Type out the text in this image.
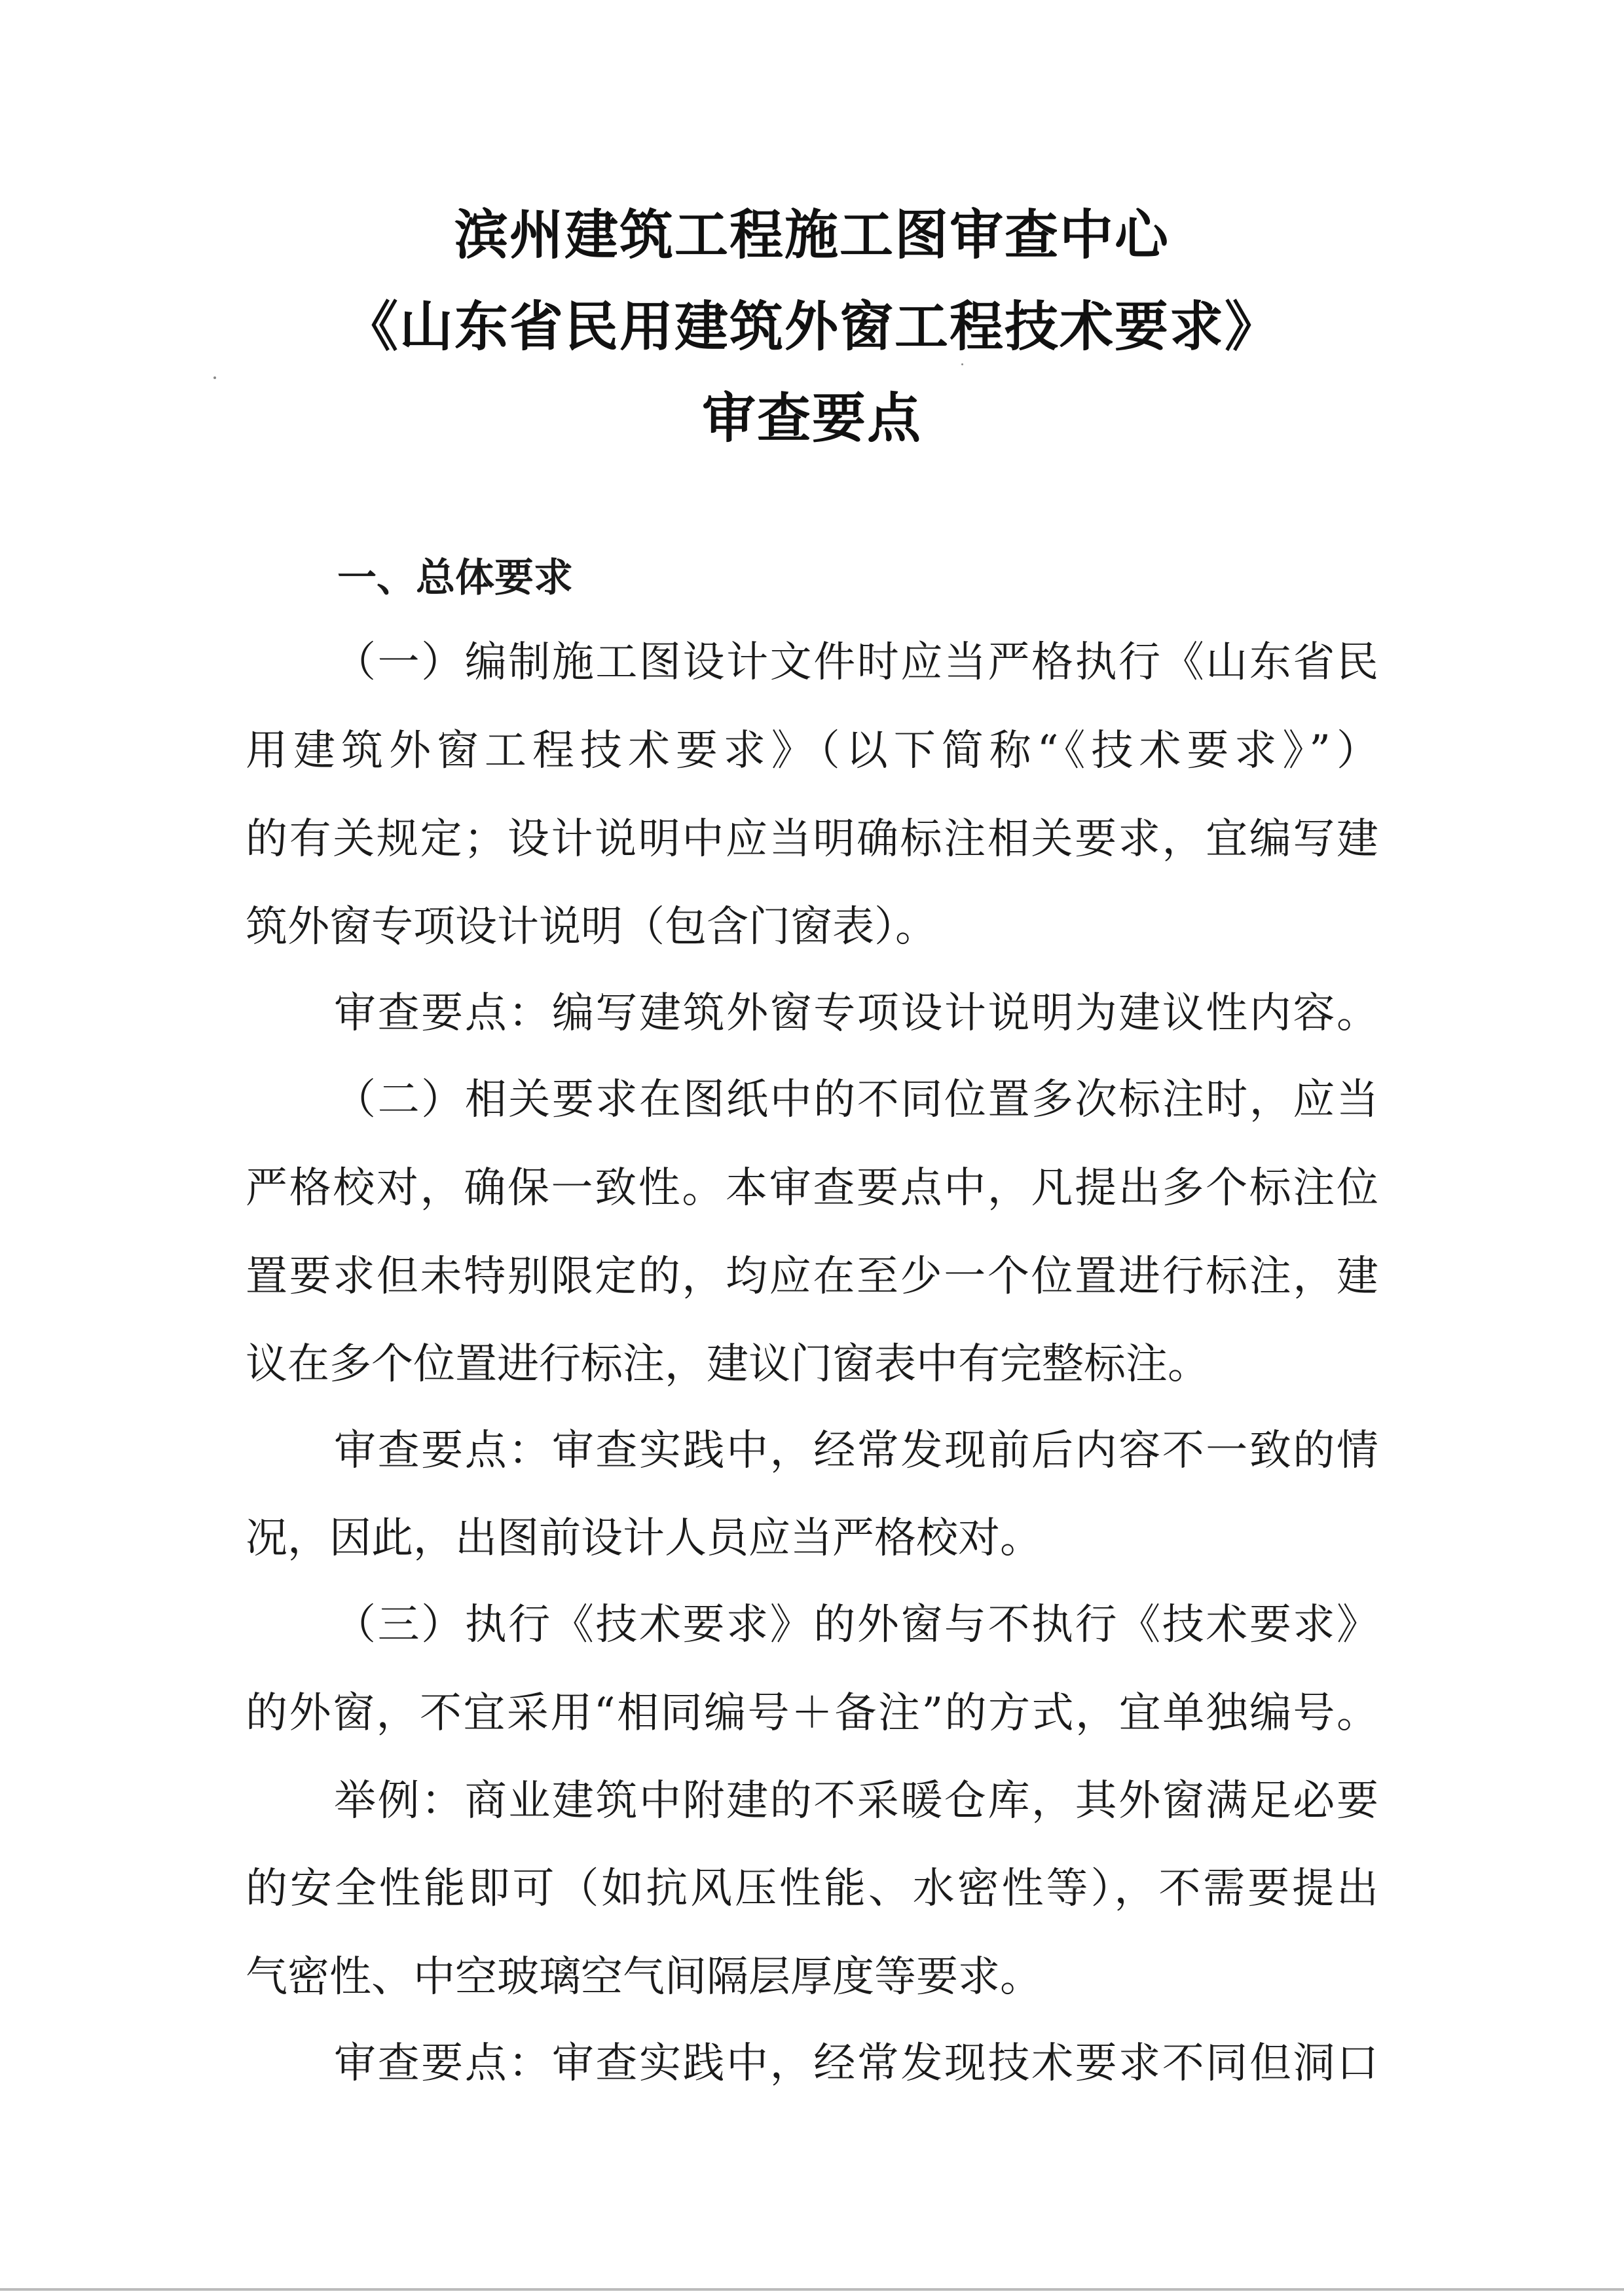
滨州建筑工程施工图审查中心
《山东省民用建筑外窗工程技术要求》
审查要点
一、总体要求
（一）编制施工图设计文件时应当严格执行《山东省民
用建筑外窗工程技术要求》（以下简称“《技术要求》”）
的有关规定；设计说明中应当明确标注相关要求，宜编写建
筑外窗专项设计说明（包含门窗表）。
审查要点：编写建筑外窗专项设计说明为建议性内容。
（二）相关要求在图纸中的不同位置多次标注时，应当
严格校对，确保一致性。本审查要点中，凡提出多个标注位
置要求但未特别限定的，均应在至少一个位置进行标注，建
议在多个位置进行标注，建议门窗表中有完整标注。
审查要点：审查实践中，经常发现前后内容不一致的情
况，因此，出图前设计人员应当严格校对。
（三）执行《技术要求》的外窗与不执行《技术要求》
的外窗，不宜采用“相同编号＋备注”的方式，宜单独编号。
举例：商业建筑中附建的不采暖仓库，其外窗满足必要
的安全性能即可（如抗风压性能、水密性等），不需要提出
气密性、中空玻璃空气间隔层厚度等要求。
审查要点：审查实践中，经常发现技术要求不同但洞口
